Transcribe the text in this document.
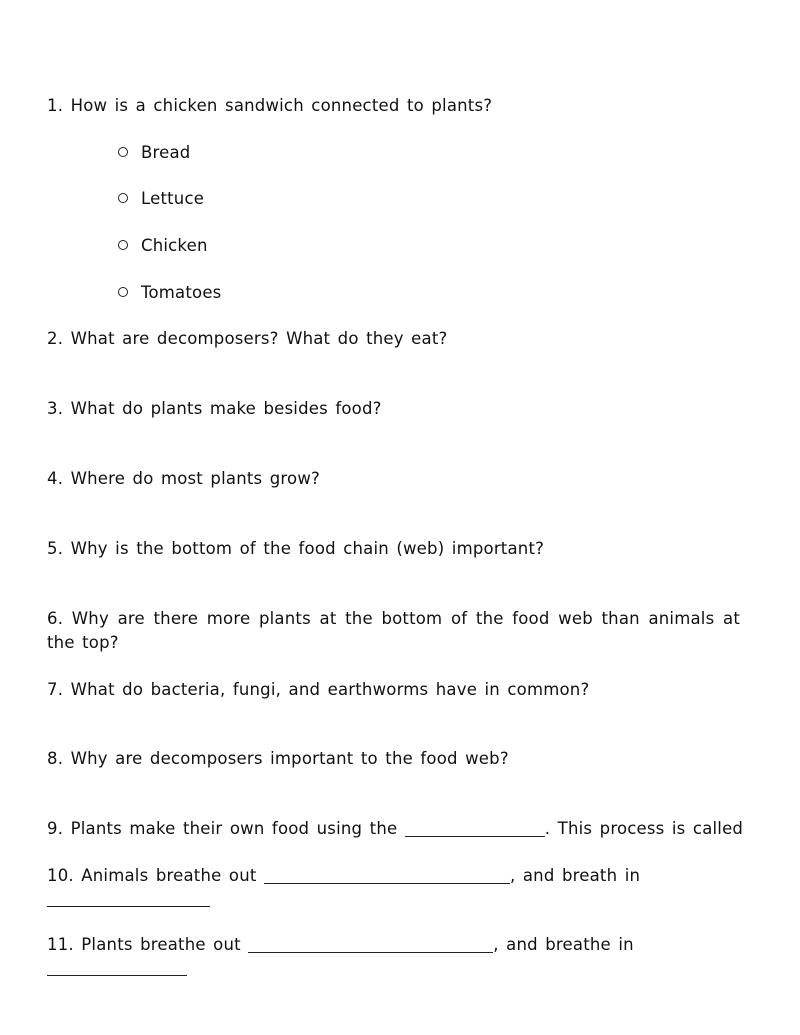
1. How is a chicken sandwich connected to plants?
Bread
Lettuce
Chicken
Tomatoes
2. What are decomposers? What do they eat?
3. What do plants make besides food?
4. Where do most plants grow?
5. Why is the bottom of the food chain (web) important?
6. Why are there more plants at the bottom of the food web than animals at the top?
7. What do bacteria, fungi, and earthworms have in common?
8. Why are decomposers important to the food web?
9. Plants make their own food using the	. This process is called
10. Animals breathe out	, and breath in
11. Plants breathe out	, and breathe in
